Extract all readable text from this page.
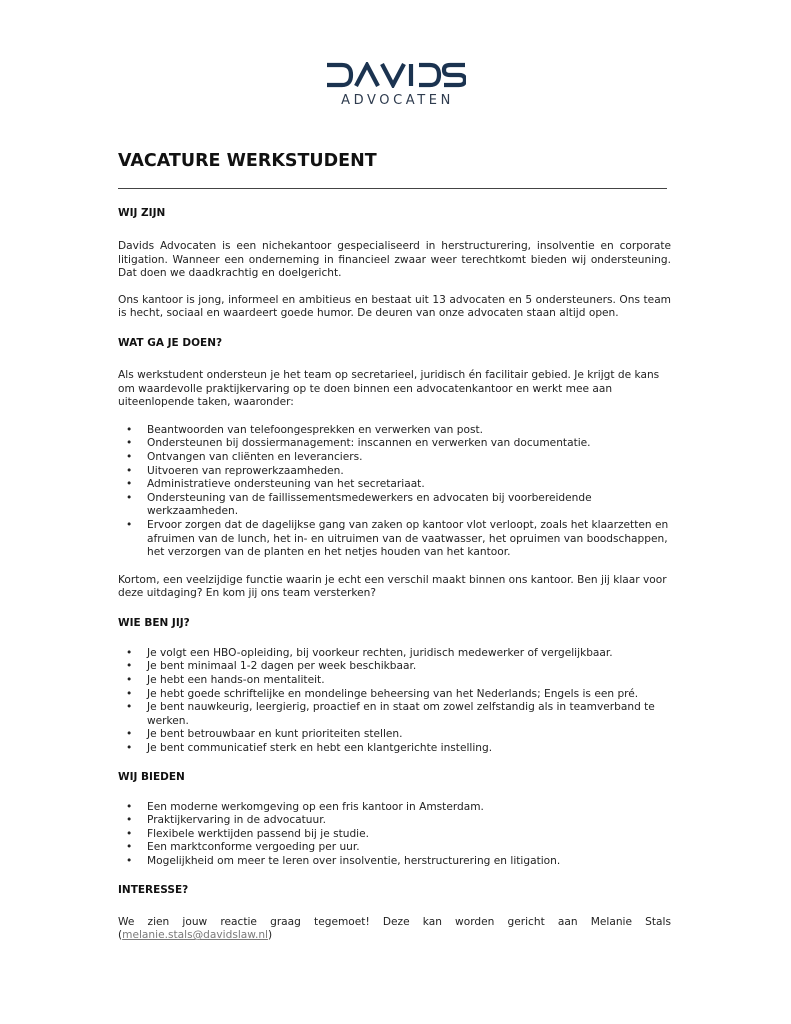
ADVOCATEN
VACATURE WERKSTUDENT
WIJ ZIJN

Davids Advocaten is een nichekantoor gespecialiseerd in herstructurering, insolventie en corporate litigation. Wanneer een onderneming in financieel zwaar weer terechtkomt bieden wij ondersteuning. Dat doen we daadkrachtig en doelgericht.

Ons kantoor is jong, informeel en ambitieus en bestaat uit 13 advocaten en 5 ondersteuners. Ons team is hecht, sociaal en waardeert goede humor. De deuren van onze advocaten staan altijd open.

WAT GA JE DOEN?

Als werkstudent ondersteun je het team op secretarieel, juridisch én facilitair gebied. Je krijgt de kans om waardevolle praktijkervaring op te doen binnen een advocatenkantoor en werkt mee aan uiteenlopende taken, waaronder:

• Beantwoorden van telefoongesprekken en verwerken van post.
• Ondersteunen bij dossiermanagement: inscannen en verwerken van documentatie.
• Ontvangen van cliënten en leveranciers.
• Uitvoeren van reprowerkzaamheden.
• Administratieve ondersteuning van het secretariaat.
• Ondersteuning van de faillissementsmedewerkers en advocaten bij voorbereidende werkzaamheden.
• Ervoor zorgen dat de dagelijkse gang van zaken op kantoor vlot verloopt, zoals het klaarzetten en afruimen van de lunch, het in- en uitruimen van de vaatwasser, het opruimen van boodschappen, het verzorgen van de planten en het netjes houden van het kantoor.

Kortom, een veelzijdige functie waarin je echt een verschil maakt binnen ons kantoor. Ben jij klaar voor deze uitdaging? En kom jij ons team versterken?

WIE BEN JIJ?
• Je volgt een HBO-opleiding, bij voorkeur rechten, juridisch medewerker of vergelijkbaar.
• Je bent minimaal 1-2 dagen per week beschikbaar.
• Je hebt een hands-on mentaliteit.
• Je hebt goede schriftelijke en mondelinge beheersing van het Nederlands; Engels is een pré.
• Je bent nauwkeurig, leergierig, proactief en in staat om zowel zelfstandig als in teamverband te werken.
• Je bent betrouwbaar en kunt prioriteiten stellen.
• Je bent communicatief sterk en hebt een klantgerichte instelling.
WIJ BIEDEN
• Een moderne werkomgeving op een fris kantoor in Amsterdam.
• Praktijkervaring in de advocatuur.
• Flexibele werktijden passend bij je studie.
• Een marktconforme vergoeding per uur.
• Mogelijkheid om meer te leren over insolventie, herstructurering en litigation.
INTERESSE?

We zien jouw reactie graag tegemoet! Deze kan worden gericht aan Melanie Stals (melanie.stals@davidslaw.nl)
